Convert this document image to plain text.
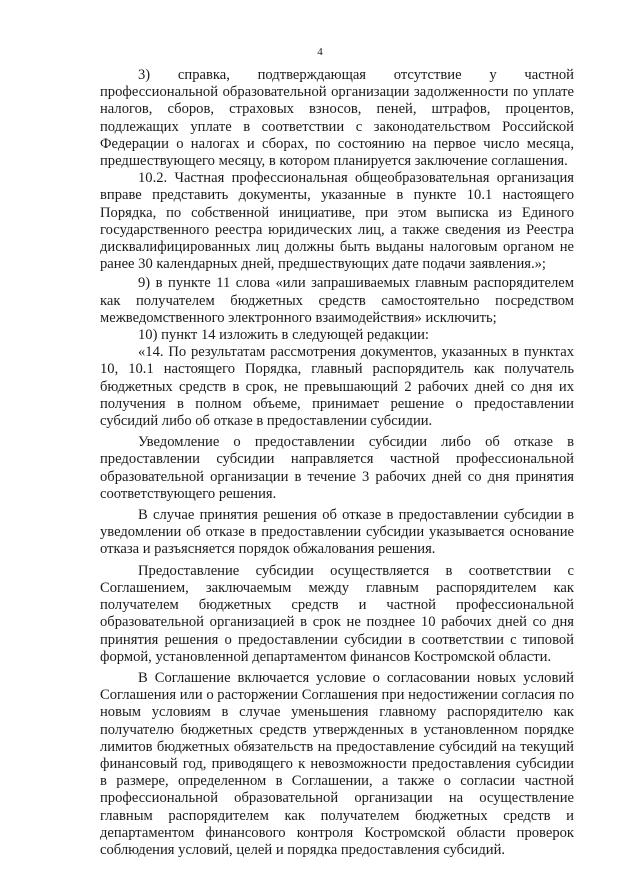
4

3) справка, подтверждающая отсутствие у частной профессиональной образовательной организации задолженности по уплате налогов, сборов, страховых взносов, пеней, штрафов, процентов, подлежащих уплате в соответствии с законодательством Российской Федерации о налогах и сборах, по состоянию на первое число месяца, предшествующего месяцу, в котором планируется заключение соглашения.

10.2. Частная профессиональная общеобразовательная организация вправе представить документы, указанные в пункте 10.1 настоящего Порядка, по собственной инициативе, при этом выписка из Единого государственного реестра юридических лиц, а также сведения из Реестра дисквалифицированных лиц должны быть выданы налоговым органом не ранее 30 календарных дней, предшествующих дате подачи заявления.»;

9) в пункте 11 слова «или запрашиваемых главным распорядителем как получателем бюджетных средств самостоятельно посредством межведомственного электронного взаимодействия» исключить;

10) пункт 14 изложить в следующей редакции:

«14. По результатам рассмотрения документов, указанных в пунктах 10, 10.1 настоящего Порядка, главный распорядитель как получатель бюджетных средств в срок, не превышающий 2 рабочих дней со дня их получения в полном объеме, принимает решение о предоставлении субсидий либо об отказе в предоставлении субсидии.

Уведомление о предоставлении субсидии либо об отказе в предоставлении субсидии направляется частной профессиональной образовательной организации в течение 3 рабочих дней со дня принятия соответствующего решения.

В случае принятия решения об отказе в предоставлении субсидии в уведомлении об отказе в предоставлении субсидии указывается основание отказа и разъясняется порядок обжалования решения.

Предоставление субсидии осуществляется в соответствии с Соглашением, заключаемым между главным распорядителем как получателем бюджетных средств и частной профессиональной образовательной организацией в срок не позднее 10 рабочих дней со дня принятия решения о предоставлении субсидии в соответствии с типовой формой, установленной департаментом финансов Костромской области.

В Соглашение включается условие о согласовании новых условий Соглашения или о расторжении Соглашения при недостижении согласия по новым условиям в случае уменьшения главному распорядителю как получателю бюджетных средств утвержденных в установленном порядке лимитов бюджетных обязательств на предоставление субсидий на текущий финансовый год, приводящего к невозможности предоставления субсидии в размере, определенном в Соглашении, а также о согласии частной профессиональной образовательной организации на осуществление главным распорядителем как получателем бюджетных средств и департаментом финансового контроля Костромской области проверок соблюдения условий, целей и порядка предоставления субсидий.
